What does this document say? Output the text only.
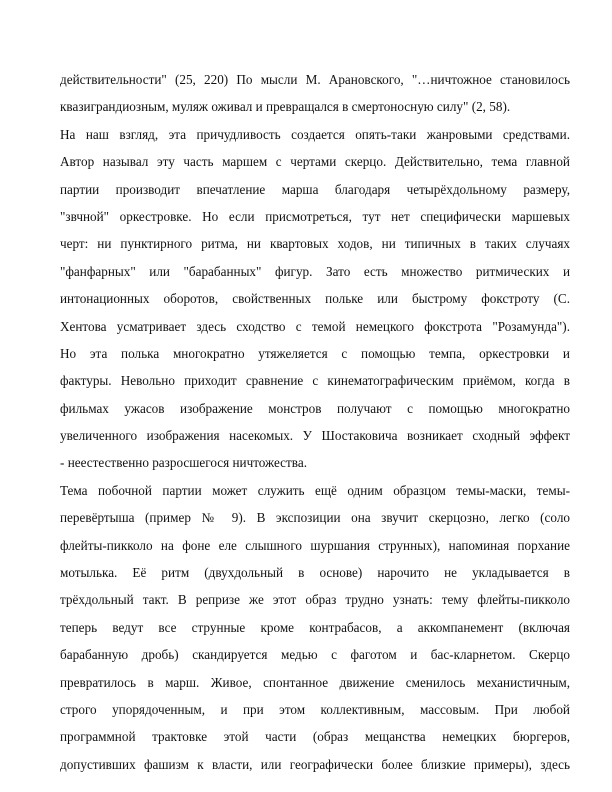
действительности" (25, 220) По мысли М. Арановского, "…ничтожное становилось
квазиграндиозным, муляж оживал и превращался в смертоносную силу" (2, 58).
На наш взгляд, эта причудливость создается опять-таки жанровыми средствами.
Автор называл эту часть маршем с чертами скерцо. Действительно, тема главной
партии производит впечатление марша благодаря четырёхдольному размеру,
"звчной" оркестровке. Но если присмотреться, тут нет специфически маршевых
черт: ни пунктирного ритма, ни квартовых ходов, ни типичных в таких случаях
"фанфарных" или "барабанных" фигур. Зато есть множество ритмических и
интонационных оборотов, свойственных польке или быстрому фокстроту (С.
Хентова усматривает здесь сходство с темой немецкого фокстрота "Розамунда").
Но эта полька многократно утяжеляется с помощью темпа, оркестровки и
фактуры. Невольно приходит сравнение с кинематографическим приёмом, когда в
фильмах ужасов изображение монстров получают с помощью многократно
увеличенного изображения насекомых. У Шостаковича возникает сходный эффект
- неестественно разросшегося ничтожества.
Тема побочной партии может служить ещё одним образцом темы-маски, темы-
перевёртыша (пример № 9). В экспозиции она звучит скерцозно, легко (соло
флейты-пикколо на фоне еле слышного шуршания струнных), напоминая порхание
мотылька. Её ритм (двухдольный в основе) нарочито не укладывается в
трёхдольный такт. В репризе же этот образ трудно узнать: тему флейты-пикколо
теперь ведут все струнные кроме контрабасов, а аккомпанемент (включая
барабанную дробь) скандируется медью с фаготом и бас-кларнетом. Скерцо
превратилось в марш. Живое, спонтанное движение сменилось механистичным,
строго упорядоченным, и при этом коллективным, массовым. При любой
программной трактовке этой части (образ мещанства немецких бюргеров,
допустивших фашизм к власти, или географически более близкие примеры), здесь
